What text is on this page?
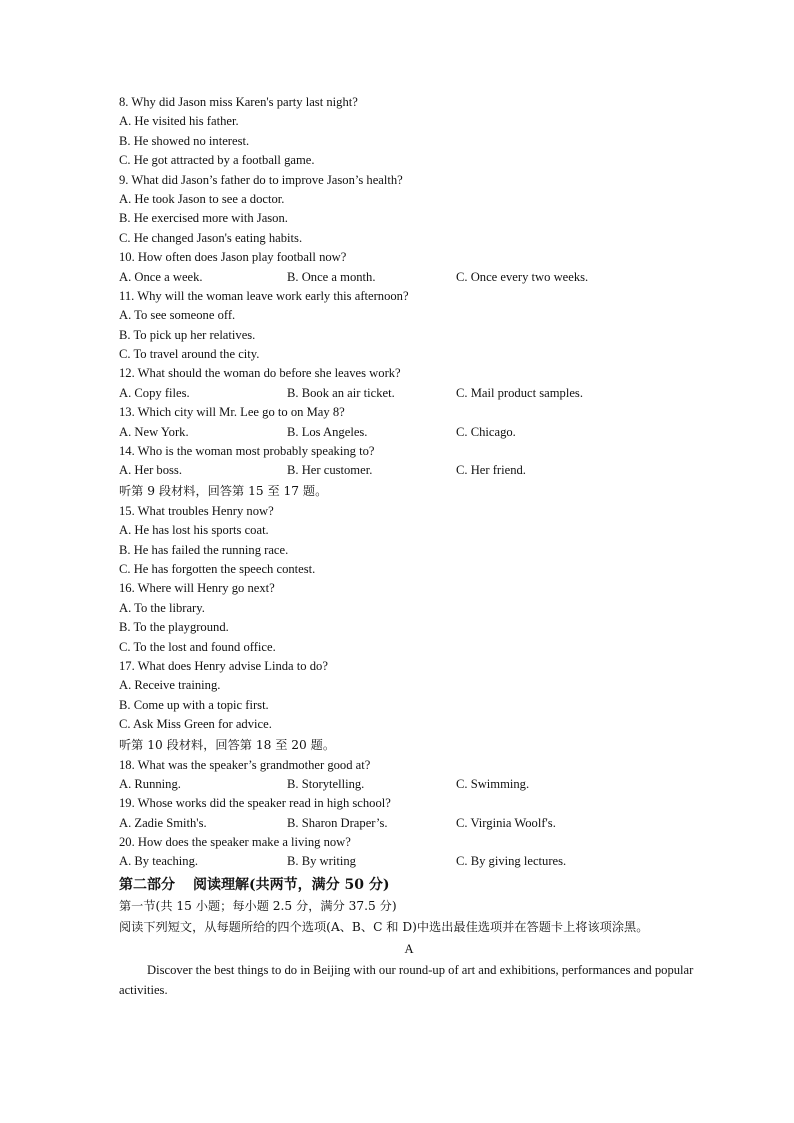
8. Why did Jason miss Karen's party last night?
A. He visited his father.
B. He showed no interest.
C. He got attracted by a football game.
9. What did Jason’s father do to improve Jason’s health?
A. He took Jason to see a doctor.
B. He exercised more with Jason.
C. He changed Jason's eating habits.
10. How often does Jason play football now?
A. Once a week.	B. Once a month.	C. Once every two weeks.
11. Why will the woman leave work early this afternoon?
A. To see someone off.
B. To pick up her relatives.
C. To travel around the city.
12. What should the woman do before she leaves work?
A. Copy files.	B. Book an air ticket.	C. Mail product samples.
13. Which city will Mr. Lee go to on May 8?
A. New York.	B. Los Angeles.	C. Chicago.
14. Who is the woman most probably speaking to?
A. Her boss.	B. Her customer.	C. Her friend.
听第 9 段材料，回答第 15 至 17 题。
15. What troubles Henry now?
A. He has lost his sports coat.
B. He has failed the running race.
C. He has forgotten the speech contest.
16. Where will Henry go next?
A. To the library.
B. To the playground.
C. To the lost and found office.
17. What does Henry advise Linda to do?
A. Receive training.
B. Come up with a topic first.
C. Ask Miss Green for advice.
听第 10 段材料，回答第 18 至 20 题。
18. What was the speaker’s grandmother good at?
A. Running.	B. Storytelling.	C. Swimming.
19. Whose works did the speaker read in high school?
A. Zadie Smith's.	B. Sharon Draper’s.	C. Virginia Woolf's.
20. How does the speaker make a living now?
A. By teaching.	B. By writing	C. By giving lectures.
第二部分 阅读理解(共两节，满分 50 分)
第一节(共 15 小题；每小题 2.5 分，满分 37.5 分)
阅读下列短文，从每题所给的四个选项(A、B、C 和 D)中选出最佳选项并在答题卡上将该项涂黑。
A
Discover the best things to do in Beijing with our round-up of art and exhibitions, performances and popular activities.
